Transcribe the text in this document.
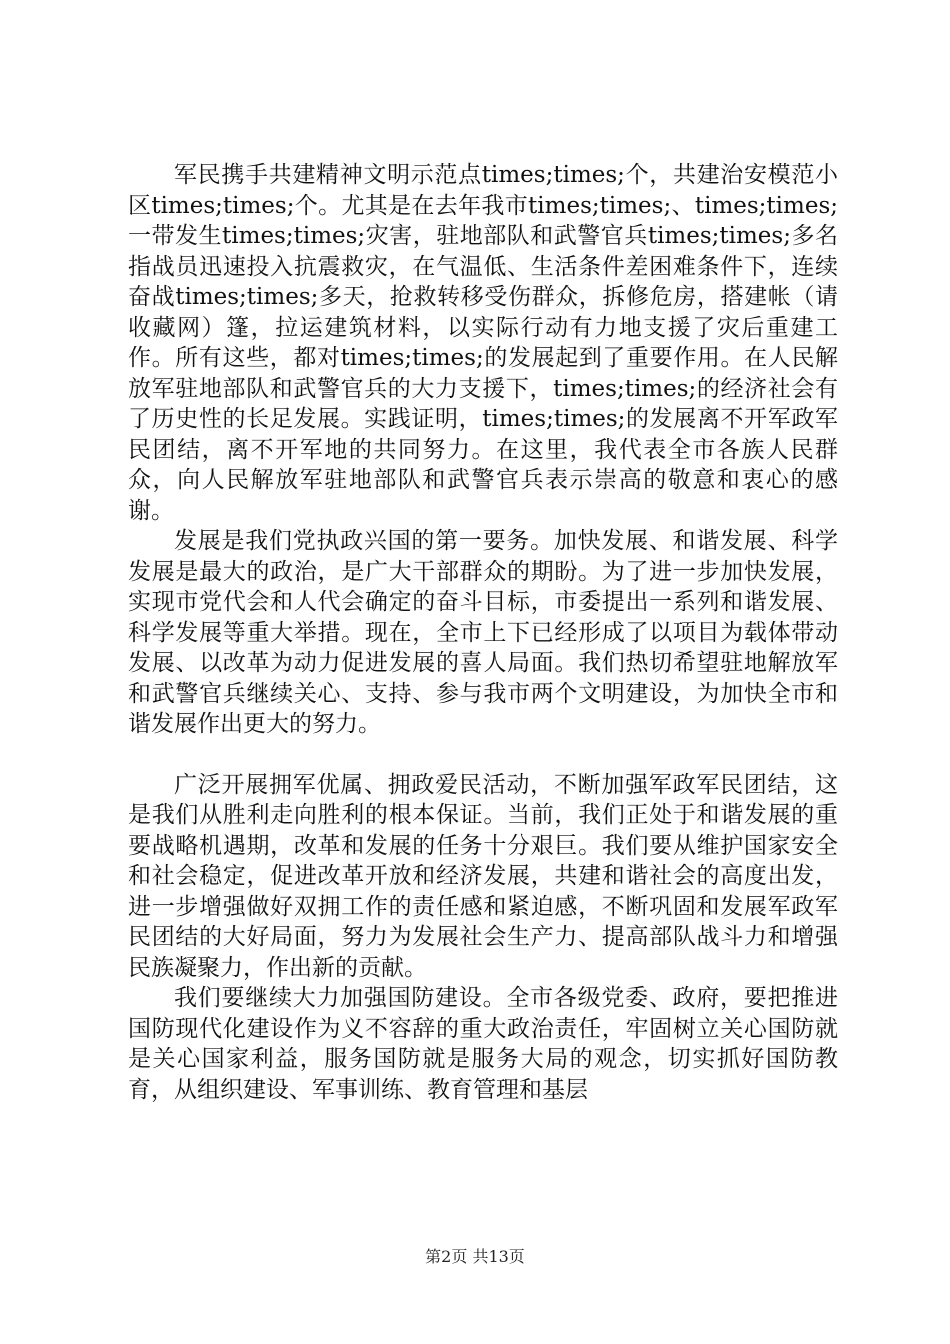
军民携手共建精神文明示范点times;times;个，共建治安模范小区times;times;个。尤其是在去年我市times;times;、times;times;一带发生times;times;灾害，驻地部队和武警官兵times;times;多名指战员迅速投入抗震救灾，在气温低、生活条件差困难条件下，连续奋战times;times;多天，抢救转移受伤群众，拆修危房，搭建帐（请收藏网）篷，拉运建筑材料，以实际行动有力地支援了灾后重建工作。所有这些，都对times;times;的发展起到了重要作用。在人民解放军驻地部队和武警官兵的大力支援下，times;times;的经济社会有了历史性的长足发展。实践证明，times;times;的发展离不开军政军民团结，离不开军地的共同努力。在这里，我代表全市各族人民群众，向人民解放军驻地部队和武警官兵表示崇高的敬意和衷心的感谢。

发展是我们党执政兴国的第一要务。加快发展、和谐发展、科学发展是最大的政治，是广大干部群众的期盼。为了进一步加快发展，实现市党代会和人代会确定的奋斗目标，市委提出一系列和谐发展、科学发展等重大举措。现在，全市上下已经形成了以项目为载体带动发展、以改革为动力促进发展的喜人局面。我们热切希望驻地解放军和武警官兵继续关心、支持、参与我市两个文明建设，为加快全市和谐发展作出更大的努力。

广泛开展拥军优属、拥政爱民活动，不断加强军政军民团结，这是我们从胜利走向胜利的根本保证。当前，我们正处于和谐发展的重要战略机遇期，改革和发展的任务十分艰巨。我们要从维护国家安全和社会稳定，促进改革开放和经济发展，共建和谐社会的高度出发，进一步增强做好双拥工作的责任感和紧迫感，不断巩固和发展军政军民团结的大好局面，努力为发展社会生产力、提高部队战斗力和增强民族凝聚力，作出新的贡献。

我们要继续大力加强国防建设。全市各级党委、政府，要把推进国防现代化建设作为义不容辞的重大政治责任，牢固树立关心国防就是关心国家利益，服务国防就是服务大局的观念，切实抓好国防教育，从组织建设、军事训练、教育管理和基层

第2页 共13页
